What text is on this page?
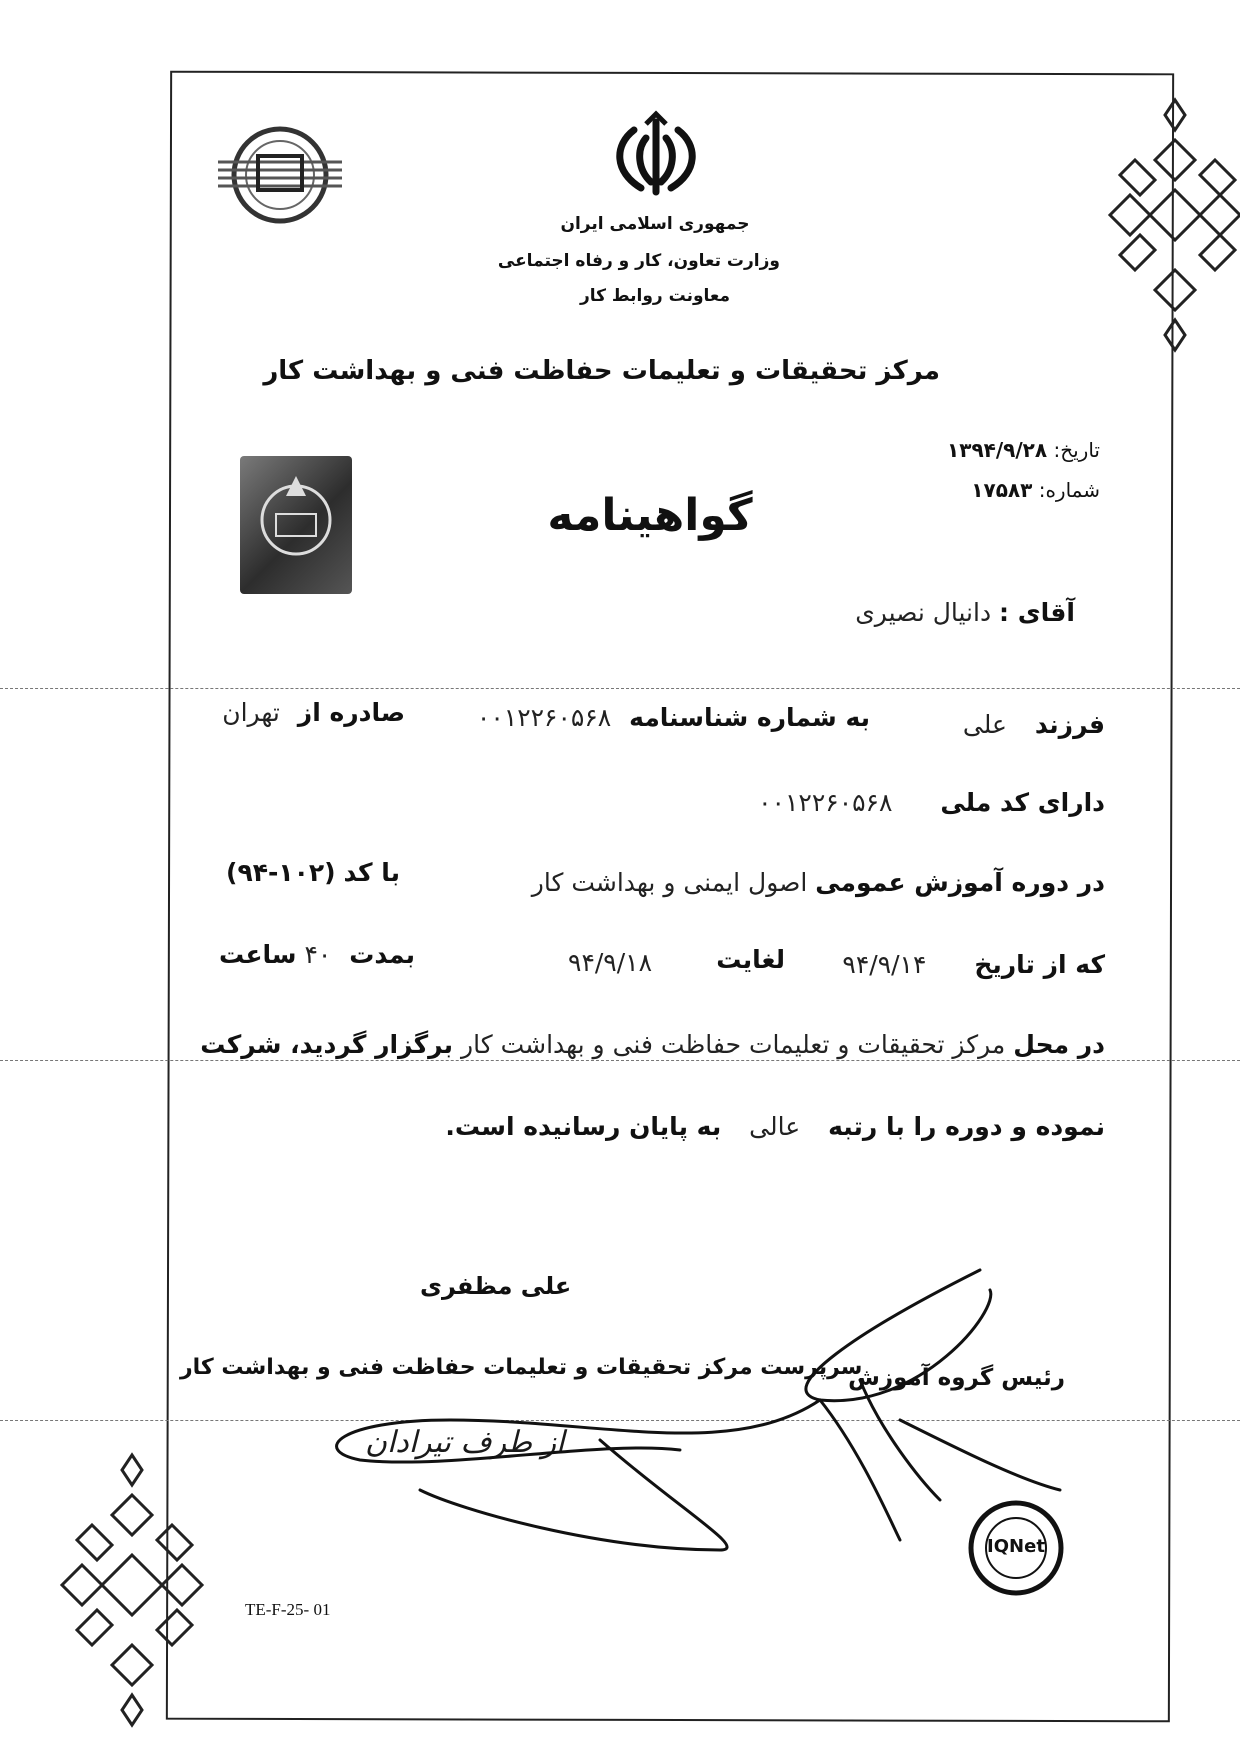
جمهوری اسلامی ایران
وزارت تعاون، کار و رفاه اجتماعی
معاونت روابط کار
مرکز تحقیقات و تعلیمات حفاظت فنی و بهداشت کار
تاریخ: ۱۳۹۴/۹/۲۸
شماره: ۱۷۵۸۳
گواهینامه
آقای : دانیال نصیری
فرزند علی
به شماره شناسنامه ۰۰۱۲۲۶۰۵۶۸
صادره از تهران
دارای کد ملی ۰۰۱۲۲۶۰۵۶۸
در دوره آموزش عمومی اصول ایمنی و بهداشت کار
با کد (۱۰۲-۹۴)
که از تاریخ ۹۴/۹/۱۴
لغایت
۹۴/۹/۱۸
بمدت ۴۰ ساعت
در محل مرکز تحقیقات و تعلیمات حفاظت فنی و بهداشت کار برگزار گردید، شرکت
نموده و دوره را با رتبه عالی به پایان رسانیده است.
علی مظفری
رئیس گروه آموزش
سرپرست مرکز تحقیقات و تعلیمات حفاظت فنی و بهداشت کار
از طرف تیرادان
IQNet
TE-F-25- 01
